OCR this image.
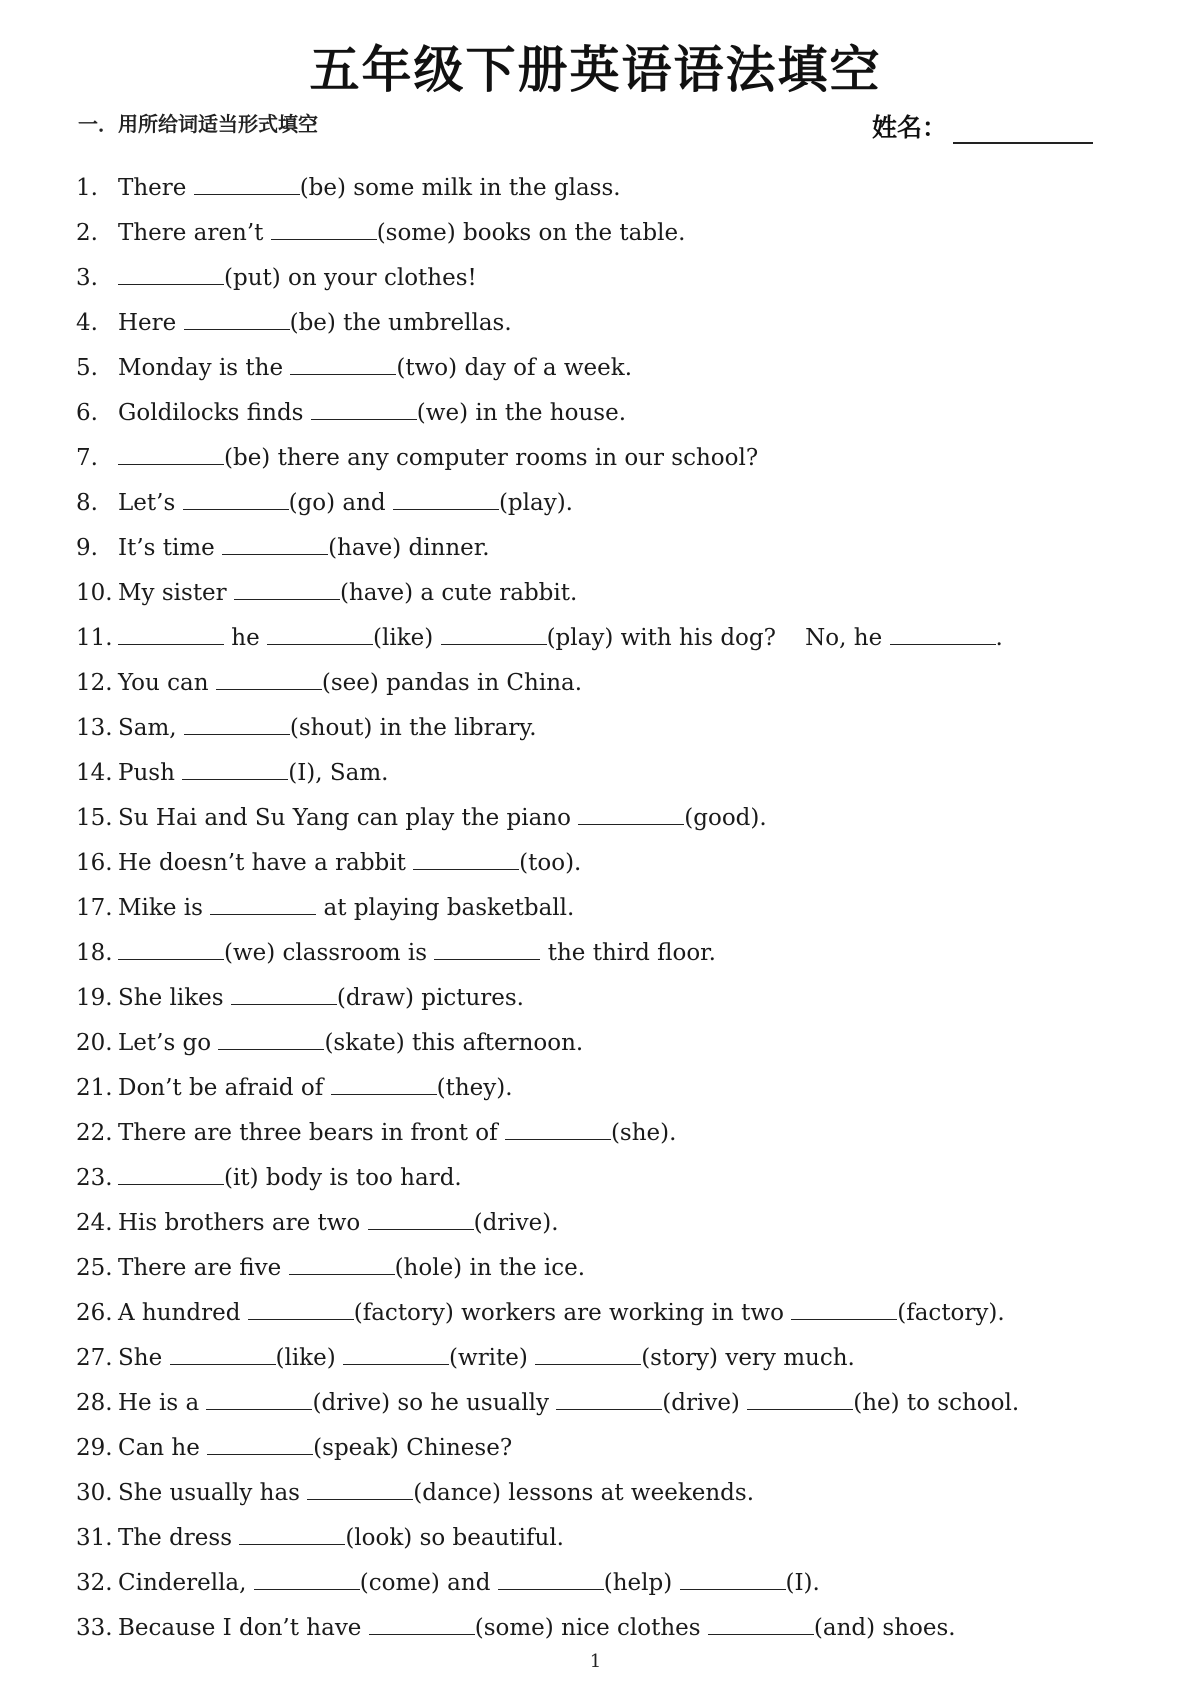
五年级下册英语语法填空
一．用所给词适当形式填空	姓名：
1. There	(be) some milk in the glass.
2. There aren’t	(some) books on the table.
3.	(put) on your clothes!
4. Here	(be) the umbrellas.
5. Monday is the	(two) day of a week.
6. Goldilocks finds	(we) in the house.
7.	(be) there any computer rooms in our school?
8. Let’s	(go) and	(play).
9. It’s time	(have) dinner.
10. My sister	(have) a cute rabbit.
11.	he	(like)	(play) with his dog?    No, he	.
12. You can	(see) pandas in China.
13. Sam,	(shout) in the library.
14. Push	(I), Sam.
15. Su Hai and Su Yang can play the piano	(good).
16. He doesn’t have a rabbit	(too).
17. Mike is	at playing basketball.
18.	(we) classroom is	the third floor.
19. She likes	(draw) pictures.
20. Let’s go	(skate) this afternoon.
21. Don’t be afraid of	(they).
22. There are three bears in front of	(she).
23.	(it) body is too hard.
24. His brothers are two	(drive).
25. There are five	(hole) in the ice.
26. A hundred	(factory) workers are working in two	(factory).
27. She	(like)	(write)	(story) very much.
28. He is a	(drive) so he usually	(drive)	(he) to school.
29. Can he	(speak) Chinese?
30. She usually has	(dance) lessons at weekends.
31. The dress	(look) so beautiful.
32. Cinderella,	(come) and	(help)	(I).
33. Because I don’t have	(some) nice clothes	(and) shoes.
1
